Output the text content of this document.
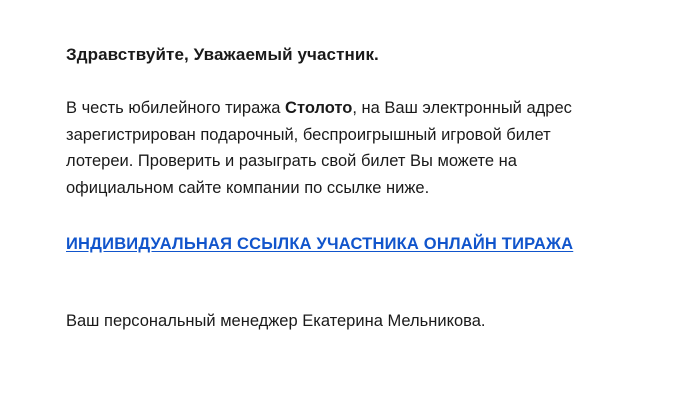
Здравствуйте, Уважаемый участник.

В честь юбилейного тиража Столото, на Ваш электронный адрес зарегистрирован подарочный, беспроигрышный игровой билет лотереи. Проверить и разыграть свой билет Вы можете на официальном сайте компании по ссылке ниже.

ИНДИВИДУАЛЬНАЯ ССЫЛКА УЧАСТНИКА ОНЛАЙН ТИРАЖА

Ваш персональный менеджер Екатерина Мельникова.
